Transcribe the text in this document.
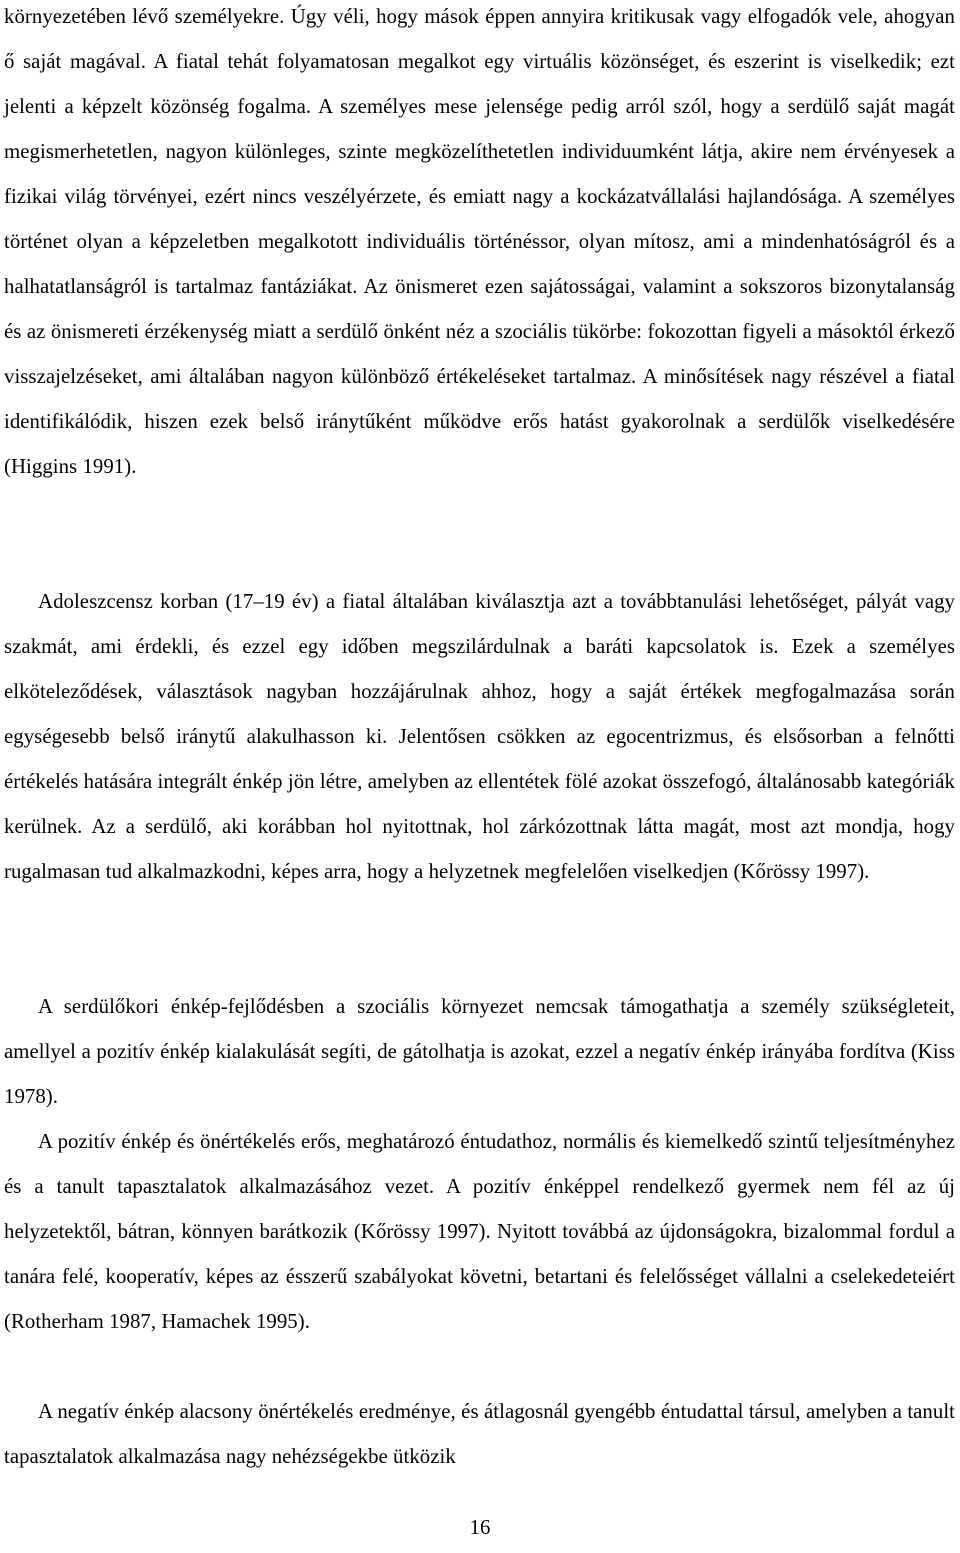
környezetében lévő személyekre. Úgy véli, hogy mások éppen annyira kritikusak vagy elfogadók vele, ahogyan ő saját magával. A fiatal tehát folyamatosan megalkot egy virtuális közönséget, és eszerint is viselkedik; ezt jelenti a képzelt közönség fogalma. A személyes mese jelensége pedig arról szól, hogy a serdülő saját magát megismerhetetlen, nagyon különleges, szinte megközelíthetetlen individuumként látja, akire nem érvényesek a fizikai világ törvényei, ezért nincs veszélyérzete, és emiatt nagy a kockázatvállalási hajlandósága. A személyes történet olyan a képzeletben megalkotott individuális történéssor, olyan mítosz, ami a mindenhatóságról és a halhatatlanságról is tartalmaz fantáziákat. Az önismeret ezen sajátosságai, valamint a sokszoros bizonytalanság és az önismereti érzékenység miatt a serdülő önként néz a szociális tükörbe: fokozottan figyeli a másoktól érkező visszajelzéseket, ami általában nagyon különböző értékeléseket tartalmaz. A minősítések nagy részével a fiatal identifikálódik, hiszen ezek belső iránytűként működve erős hatást gyakorolnak a serdülők viselkedésére (Higgins 1991).

Adoleszcensz korban (17–19 év) a fiatal általában kiválasztja azt a továbbtanulási lehetőséget, pályát vagy szakmát, ami érdekli, és ezzel egy időben megszilárdulnak a baráti kapcsolatok is. Ezek a személyes elköteleződések, választások nagyban hozzájárulnak ahhoz, hogy a saját értékek megfogalmazása során egységesebb belső iránytű alakulhasson ki. Jelentősen csökken az egocentrizmus, és elsősorban a felnőtti értékelés hatására integrált énkép jön létre, amelyben az ellentétek fölé azokat összefogó, általánosabb kategóriák kerülnek. Az a serdülő, aki korábban hol nyitottnak, hol zárkózottnak látta magát, most azt mondja, hogy rugalmasan tud alkalmazkodni, képes arra, hogy a helyzetnek megfelelően viselkedjen (Kőrössy 1997).

A serdülőkori énkép-fejlődésben a szociális környezet nemcsak támogathatja a személy szükségleteit, amellyel a pozitív énkép kialakulását segíti, de gátolhatja is azokat, ezzel a negatív énkép irányába fordítva (Kiss 1978).

A pozitív énkép és önértékelés erős, meghatározó éntudathoz, normális és kiemelkedő szintű teljesítményhez és a tanult tapasztalatok alkalmazásához vezet. A pozitív énképpel rendelkező gyermek nem fél az új helyzetektől, bátran, könnyen barátkozik (Kőrössy 1997). Nyitott továbbá az újdonságokra, bizalommal fordul a tanára felé, kooperatív, képes az ésszerű szabályokat követni, betartani és felelősséget vállalni a cselekedeteiért (Rotherham 1987, Hamachek 1995).

A negatív énkép alacsony önértékelés eredménye, és átlagosnál gyengébb éntudattal társul, amelyben a tanult tapasztalatok alkalmazása nagy nehézségekbe ütközik

16
